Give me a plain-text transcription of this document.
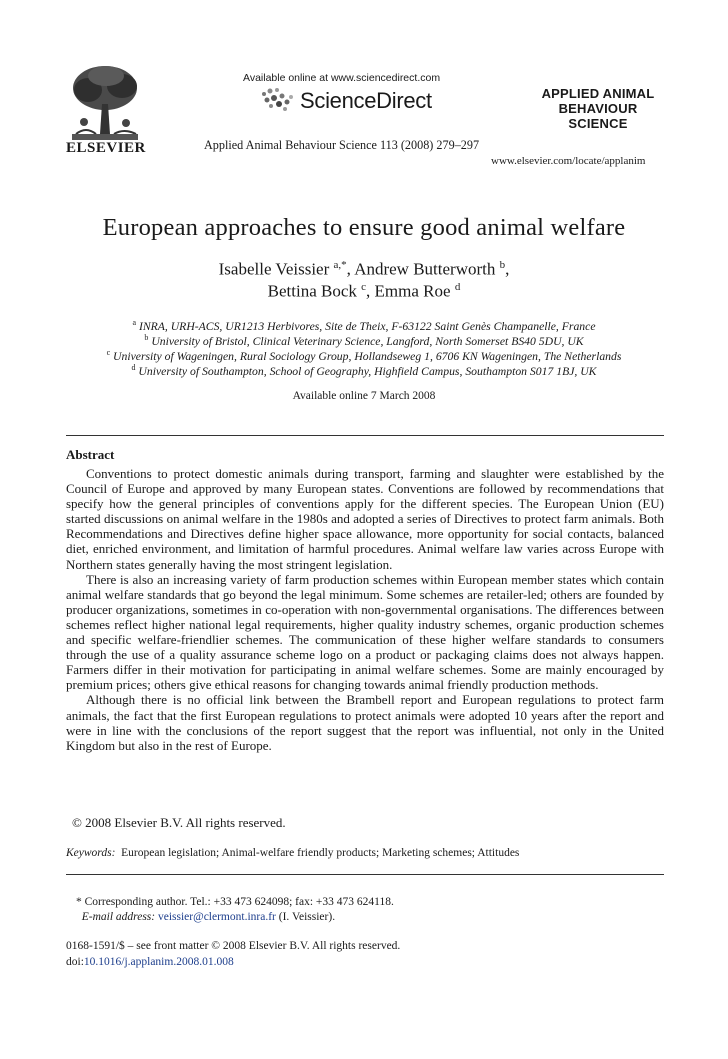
ELSEVIER
Available online at www.sciencedirect.com
ScienceDirect
Applied Animal Behaviour Science 113 (2008) 279–297
APPLIED ANIMAL
BEHAVIOUR
SCIENCE
www.elsevier.com/locate/applanim
European approaches to ensure good animal welfare
Isabelle Veissier $^{a,*}$, Andrew Butterworth $^b$,
Bettina Bock $^c$, Emma Roe $^d$
$^a$ INRA, URH-ACS, UR1213 Herbivores, Site de Theix, F-63122 Saint Genès Champanelle, France
$^b$ University of Bristol, Clinical Veterinary Science, Langford, North Somerset BS40 5DU, UK
$^c$ University of Wageningen, Rural Sociology Group, Hollandseweg 1, 6706 KN Wageningen, The Netherlands
$^d$ University of Southampton, School of Geography, Highfield Campus, Southampton S017 1BJ, UK
Available online 7 March 2008
Abstract

Conventions to protect domestic animals during transport, farming and slaughter were established by the Council of Europe and approved by many European states. Conventions are followed by recommendations that specify how the general principles of conventions apply for the different species. The European Union (EU) started discussions on animal welfare in the 1980s and adopted a series of Directives to protect farm animals. Both Recommendations and Directives define higher space allowance, more opportunity for social contacts, balanced diet, enriched environment, and limitation of harmful procedures. Animal welfare law varies across Europe with Northern states generally having the most stringent legislation.

There is also an increasing variety of farm production schemes within European member states which contain animal welfare standards that go beyond the legal minimum. Some schemes are retailer-led; others are founded by producer organizations, sometimes in co-operation with non-governmental organisations. The differences between schemes reflect higher national legal requirements, higher quality industry schemes, organic production schemes and specific welfare-friendlier schemes. The communication of these higher welfare standards to consumers through the use of a quality assurance scheme logo on a product or packaging claims does not always happen. Farmers differ in their motivation for participating in animal welfare schemes. Some are mainly encouraged by premium prices; others give ethical reasons for changing towards animal friendly production methods.

Although there is no official link between the Brambell report and European regulations to protect farm animals, the fact that the first European regulations to protect animals were adopted 10 years after the report and were in line with the conclusions of the report suggest that the report was influential, not only in the United Kingdom but also in the rest of Europe.

© 2008 Elsevier B.V. All rights reserved.
Keywords: European legislation; Animal-welfare friendly products; Marketing schemes; Attitudes
* Corresponding author. Tel.: +33 473 624098; fax: +33 473 624118.
E-mail address: veissier@clermont.inra.fr (I. Veissier).
0168-1591/$ – see front matter © 2008 Elsevier B.V. All rights reserved.
doi:10.1016/j.applanim.2008.01.008
